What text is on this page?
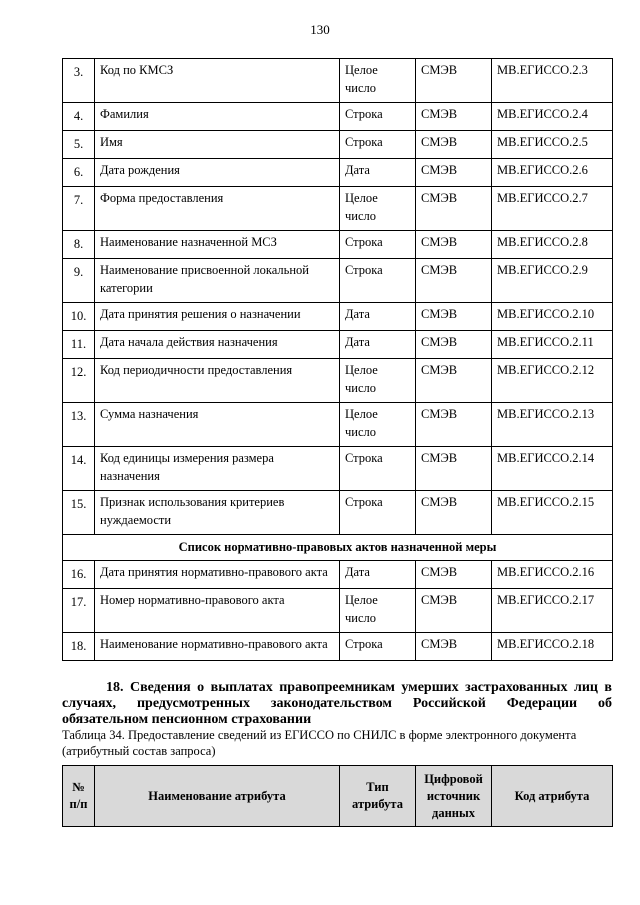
130
3.	Код по КМСЗ	Целое число	СМЭВ	МВ.ЕГИССО.2.3
4.	Фамилия	Строка	СМЭВ	МВ.ЕГИССО.2.4
5.	Имя	Строка	СМЭВ	МВ.ЕГИССО.2.5
6.	Дата рождения	Дата	СМЭВ	МВ.ЕГИССО.2.6
7.	Форма предоставления	Целое число	СМЭВ	МВ.ЕГИССО.2.7
8.	Наименование назначенной МСЗ	Строка	СМЭВ	МВ.ЕГИССО.2.8
9.	Наименование присвоенной локальной категории	Строка	СМЭВ	МВ.ЕГИССО.2.9
10.	Дата принятия решения о назначении	Дата	СМЭВ	МВ.ЕГИССО.2.10
11.	Дата начала действия назначения	Дата	СМЭВ	МВ.ЕГИССО.2.11
12.	Код периодичности предоставления	Целое число	СМЭВ	МВ.ЕГИССО.2.12
13.	Сумма назначения	Целое число	СМЭВ	МВ.ЕГИССО.2.13
14.	Код единицы измерения размера назначения	Строка	СМЭВ	МВ.ЕГИССО.2.14
15.	Признак использования критериев нуждаемости	Строка	СМЭВ	МВ.ЕГИССО.2.15
Список нормативно-правовых актов назначенной меры				
16.	Дата принятия нормативно-правового акта	Дата	СМЭВ	МВ.ЕГИССО.2.16
17.	Номер нормативно-правового акта	Целое число	СМЭВ	МВ.ЕГИССО.2.17
18.	Наименование нормативно-правового акта	Строка	СМЭВ	МВ.ЕГИССО.2.18
18. Сведения о выплатах правопреемникам умерших застрахованных лиц в
случаях, предусмотренных законодательством Российской Федерации об
обязательном пенсионном страховании
Таблица 34. Предоставление сведений из ЕГИССО по СНИЛС в форме электронного документа (атрибутный состав запроса)
№ п/п	Наименование атрибута	Тип атрибута	Цифровой источник данных	Код атрибута
